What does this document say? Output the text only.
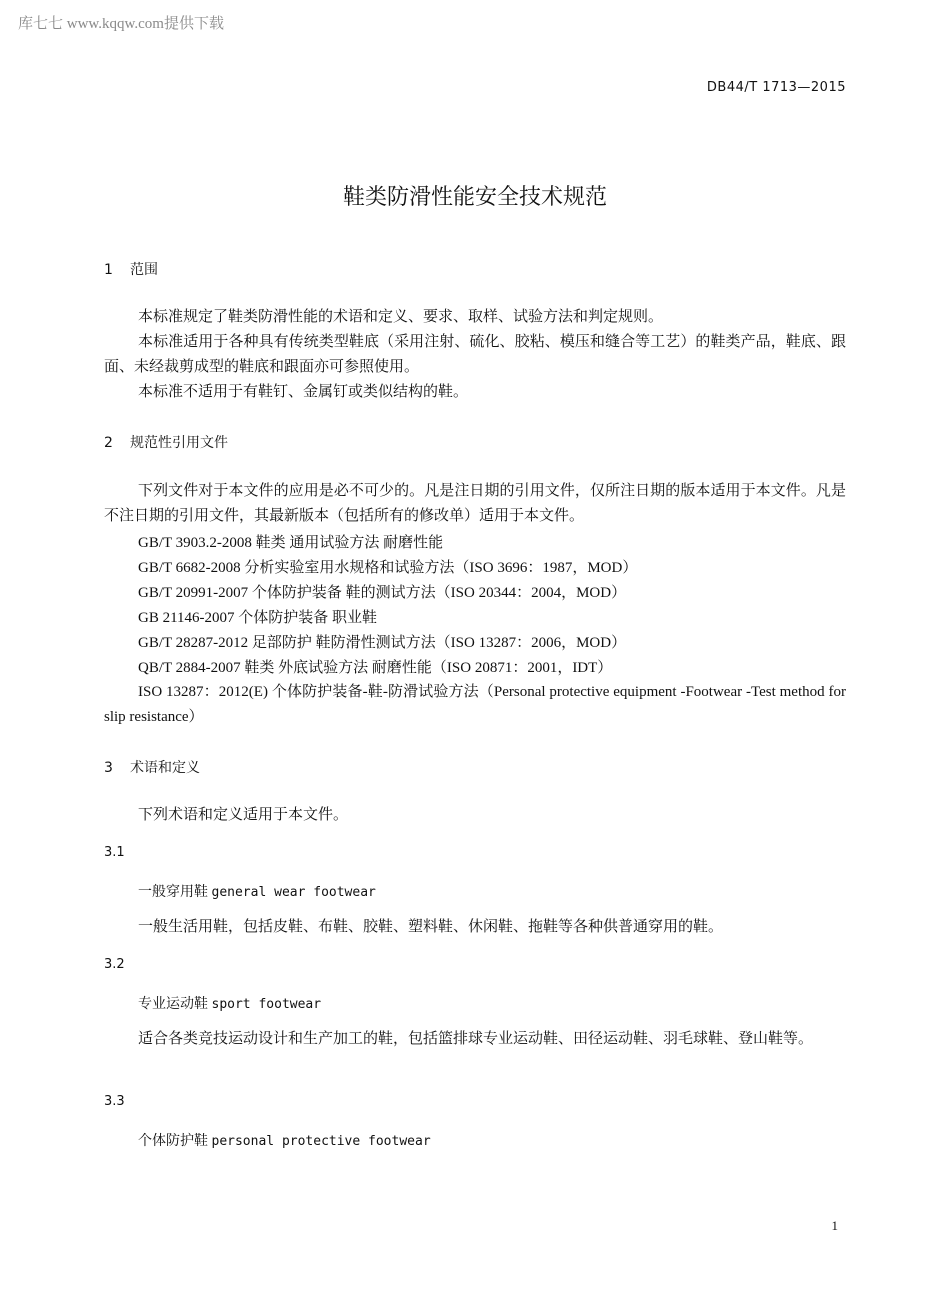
库七七 www.kqqw.com提供下载
DB44/T 1713—2015
鞋类防滑性能安全技术规范
1 范围

本标准规定了鞋类防滑性能的术语和定义、要求、取样、试验方法和判定规则。

本标准适用于各种具有传统类型鞋底（采用注射、硫化、胶粘、模压和缝合等工艺）的鞋类产品，鞋底、跟面、未经裁剪成型的鞋底和跟面亦可参照使用。

本标准不适用于有鞋钉、金属钉或类似结构的鞋。

2 规范性引用文件

下列文件对于本文件的应用是必不可少的。凡是注日期的引用文件，仅所注日期的版本适用于本文件。凡是不注日期的引用文件，其最新版本（包括所有的修改单）适用于本文件。

GB/T 3903.2-2008 鞋类 通用试验方法 耐磨性能
GB/T 6682-2008 分析实验室用水规格和试验方法（ISO 3696：1987，MOD）
GB/T 20991-2007 个体防护装备 鞋的测试方法（ISO 20344：2004，MOD）
GB 21146-2007 个体防护装备 职业鞋
GB/T 28287-2012 足部防护 鞋防滑性测试方法（ISO 13287：2006，MOD）
QB/T 2884-2007 鞋类 外底试验方法 耐磨性能（ISO 20871：2001，IDT）

ISO 13287：2012(E) 个体防护装备-鞋-防滑试验方法（Personal protective equipment -Footwear -Test method for slip resistance）

3 术语和定义

下列术语和定义适用于本文件。

3.1
一般穿用鞋 general wear footwear

一般生活用鞋，包括皮鞋、布鞋、胶鞋、塑料鞋、休闲鞋、拖鞋等各种供普通穿用的鞋。

3.2
专业运动鞋 sport footwear

适合各类竞技运动设计和生产加工的鞋，包括篮排球专业运动鞋、田径运动鞋、羽毛球鞋、登山鞋等。

3.3
个体防护鞋 personal protective footwear
1
